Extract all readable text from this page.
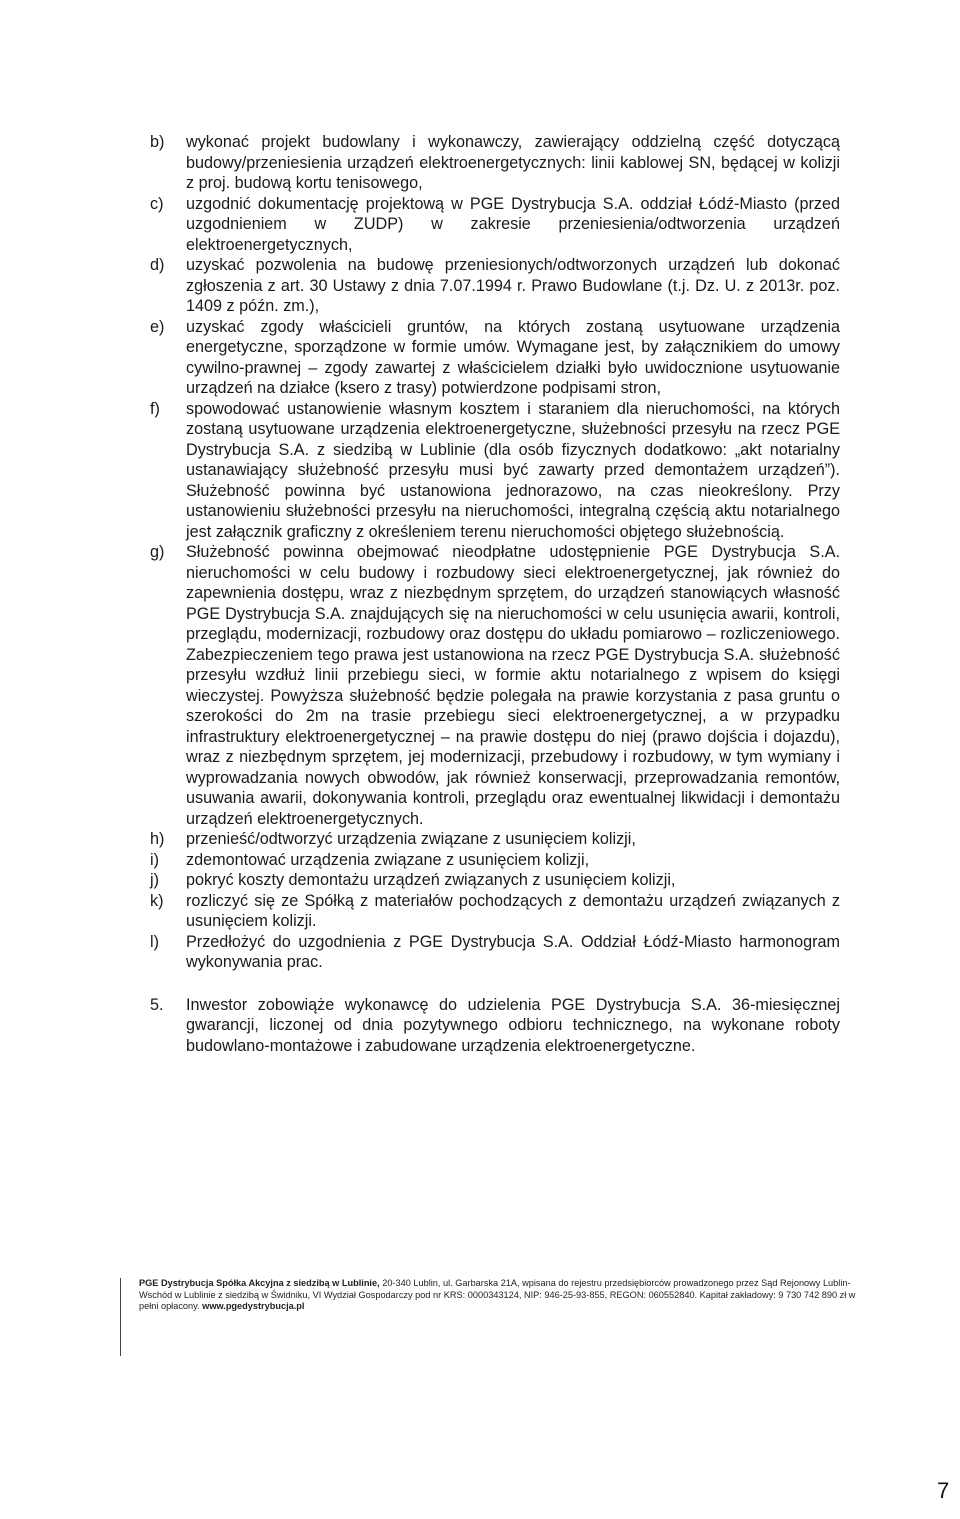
b)	wykonać projekt budowlany i wykonawczy, zawierający oddzielną część dotyczącą budowy/przeniesienia urządzeń elektroenergetycznych: linii kablowej SN, będącej w kolizji z proj. budową kortu tenisowego,
c)	uzgodnić dokumentację projektową w PGE Dystrybucja S.A. oddział Łódź-Miasto (przed uzgodnieniem w ZUDP) w zakresie przeniesienia/odtworzenia urządzeń elektroenergetycznych,
d)	uzyskać pozwolenia na budowę przeniesionych/odtworzonych urządzeń lub dokonać zgłoszenia z art. 30 Ustawy z dnia 7.07.1994 r. Prawo Budowlane (t.j. Dz. U. z 2013r. poz. 1409 z późn. zm.),
e)	uzyskać zgody właścicieli gruntów, na których zostaną usytuowane urządzenia energetyczne, sporządzone w formie umów. Wymagane jest, by załącznikiem do umowy cywilno-prawnej – zgody zawartej z właścicielem działki było uwidocznione usytuowanie urządzeń na działce (ksero z trasy) potwierdzone podpisami stron,
f)	spowodować ustanowienie własnym kosztem i staraniem dla nieruchomości, na których zostaną usytuowane urządzenia elektroenergetyczne, służebności przesyłu na rzecz PGE Dystrybucja S.A. z siedzibą w Lublinie (dla osób fizycznych dodatkowo: „akt notarialny ustanawiający służebność przesyłu musi być zawarty przed demontażem urządzeń”). Służebność powinna być ustanowiona jednorazowo, na czas nieokreślony. Przy ustanowieniu służebności przesyłu na nieruchomości, integralną częścią aktu notarialnego jest załącznik graficzny z określeniem terenu nieruchomości objętego służebnością.
g)	Służebność powinna obejmować nieodpłatne udostępnienie PGE Dystrybucja S.A. nieruchomości w celu budowy i rozbudowy sieci elektroenergetycznej, jak również do zapewnienia dostępu, wraz z niezbędnym sprzętem, do urządzeń stanowiących własność PGE Dystrybucja S.A. znajdujących się na nieruchomości w celu usunięcia awarii, kontroli, przeglądu, modernizacji, rozbudowy oraz dostępu do układu pomiarowo – rozliczeniowego. Zabezpieczeniem tego prawa jest ustanowiona na rzecz PGE Dystrybucja S.A. służebność przesyłu wzdłuż linii przebiegu sieci, w formie aktu notarialnego z wpisem do księgi wieczystej. Powyższa służebność będzie polegała na prawie korzystania z pasa gruntu o szerokości do 2m na trasie przebiegu sieci elektroenergetycznej, a w przypadku infrastruktury elektroenergetycznej – na prawie dostępu do niej (prawo dojścia i dojazdu), wraz z niezbędnym sprzętem, jej modernizacji, przebudowy i rozbudowy, w tym wymiany i wyprowadzania nowych obwodów, jak również konserwacji, przeprowadzania remontów, usuwania awarii, dokonywania kontroli, przeglądu oraz ewentualnej likwidacji i demontażu urządzeń elektroenergetycznych.
h)	przenieść/odtworzyć urządzenia związane z usunięciem kolizji,
i)	zdemontować urządzenia związane z usunięciem kolizji,
j)	pokryć koszty demontażu urządzeń związanych z usunięciem kolizji,
k)	rozliczyć się ze Spółką z materiałów pochodzących z demontażu urządzeń związanych z usunięciem kolizji.
l)	Przedłożyć do uzgodnienia z PGE Dystrybucja S.A. Oddział Łódź-Miasto harmonogram wykonywania prac.
5.	Inwestor zobowiąże wykonawcę do udzielenia PGE Dystrybucja S.A. 36-miesięcznej gwarancji, liczonej od dnia pozytywnego odbioru technicznego, na wykonane roboty budowlano-montażowe i zabudowane urządzenia elektroenergetyczne.
PGE Dystrybucja Spółka Akcyjna z siedzibą w Lublinie, 20-340 Lublin, ul. Garbarska 21A, wpisana do rejestru przedsiębiorców prowadzonego przez Sąd Rejonowy Lublin-Wschód w Lublinie z siedzibą w Świdniku, VI Wydział Gospodarczy pod nr KRS: 0000343124, NIP: 946-25-93-855, REGON: 060552840. Kapitał zakładowy: 9 730 742 890 zł w pełni opłacony. www.pgedystrybucja.pl
7
